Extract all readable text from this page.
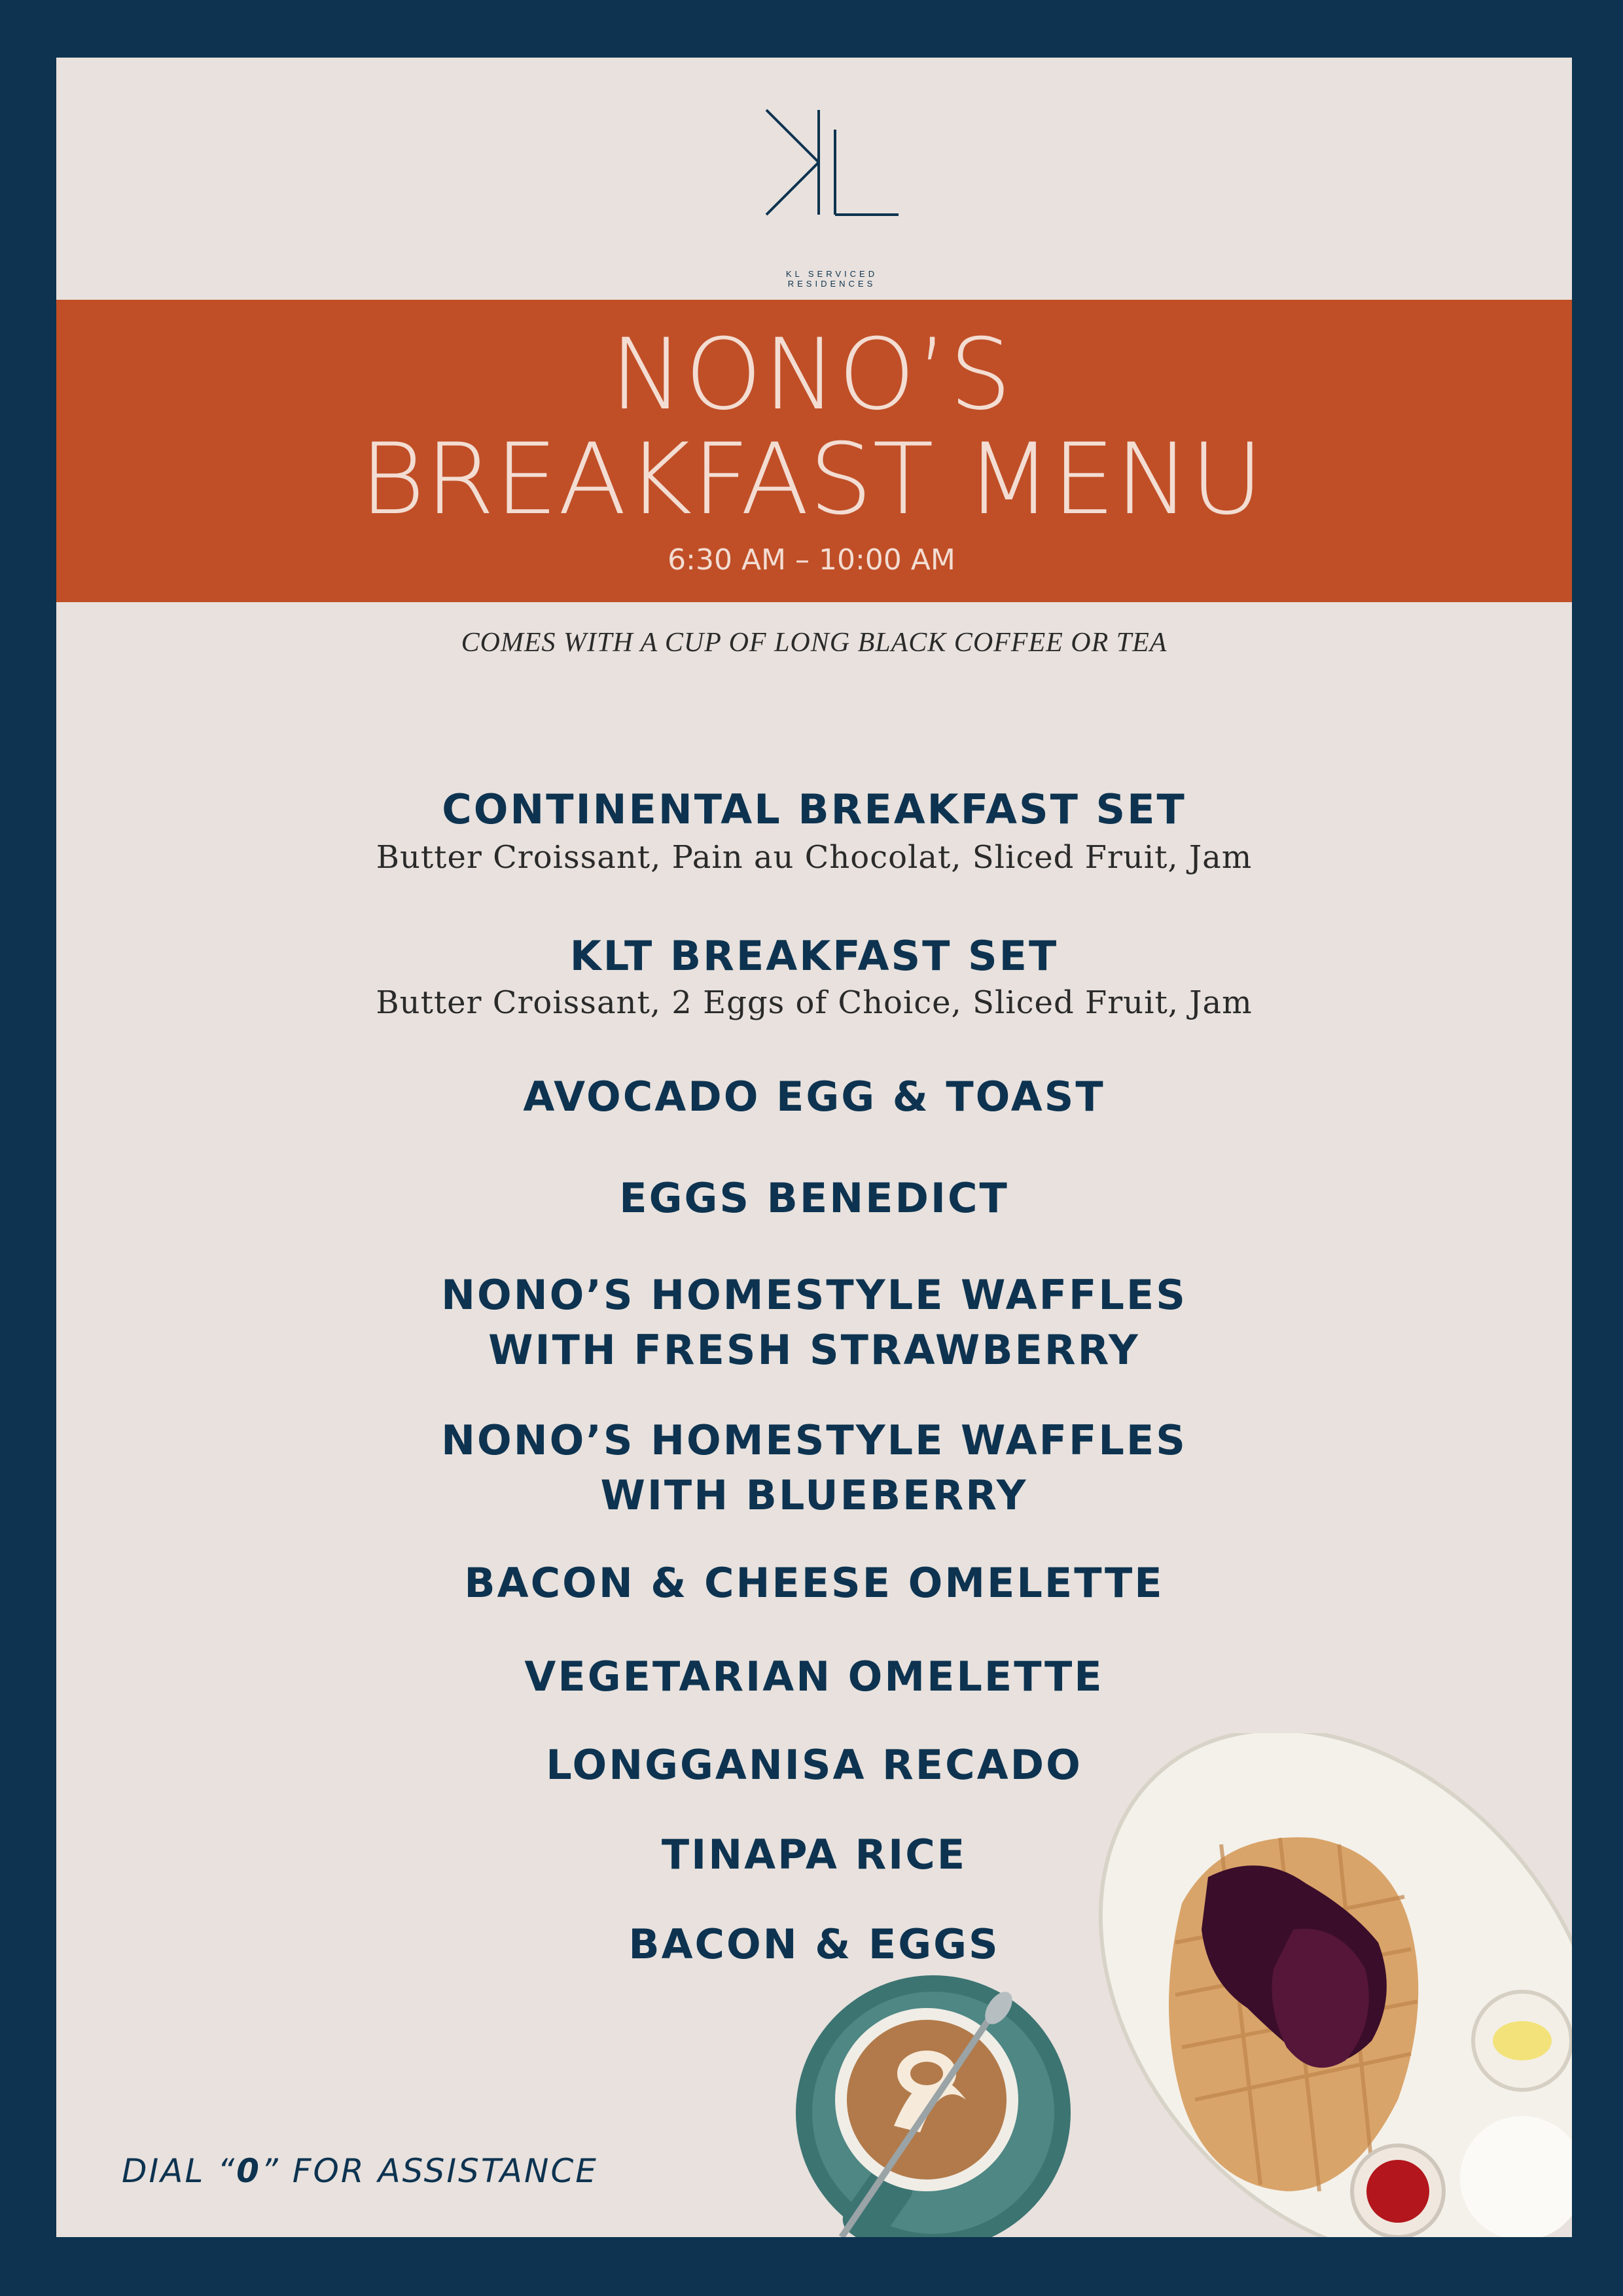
KL SERVICED RESIDENCES
NONO’S
BREAKFAST MENU
6:30 AM – 10:00 AM
COMES WITH A CUP OF LONG BLACK COFFEE OR TEA
CONTINENTAL BREAKFAST SET
Butter Croissant, Pain au Chocolat, Sliced Fruit, Jam
KLT BREAKFAST SET
Butter Croissant, 2 Eggs of Choice, Sliced Fruit, Jam
AVOCADO EGG & TOAST
EGGS BENEDICT
NONO’S HOMESTYLE WAFFLES
WITH FRESH STRAWBERRY
NONO’S HOMESTYLE WAFFLES
WITH BLUEBERRY
BACON & CHEESE OMELETTE
VEGETARIAN OMELETTE
LONGGANISA RECADO
TINAPA RICE
BACON & EGGS
DIAL “0” FOR ASSISTANCE
